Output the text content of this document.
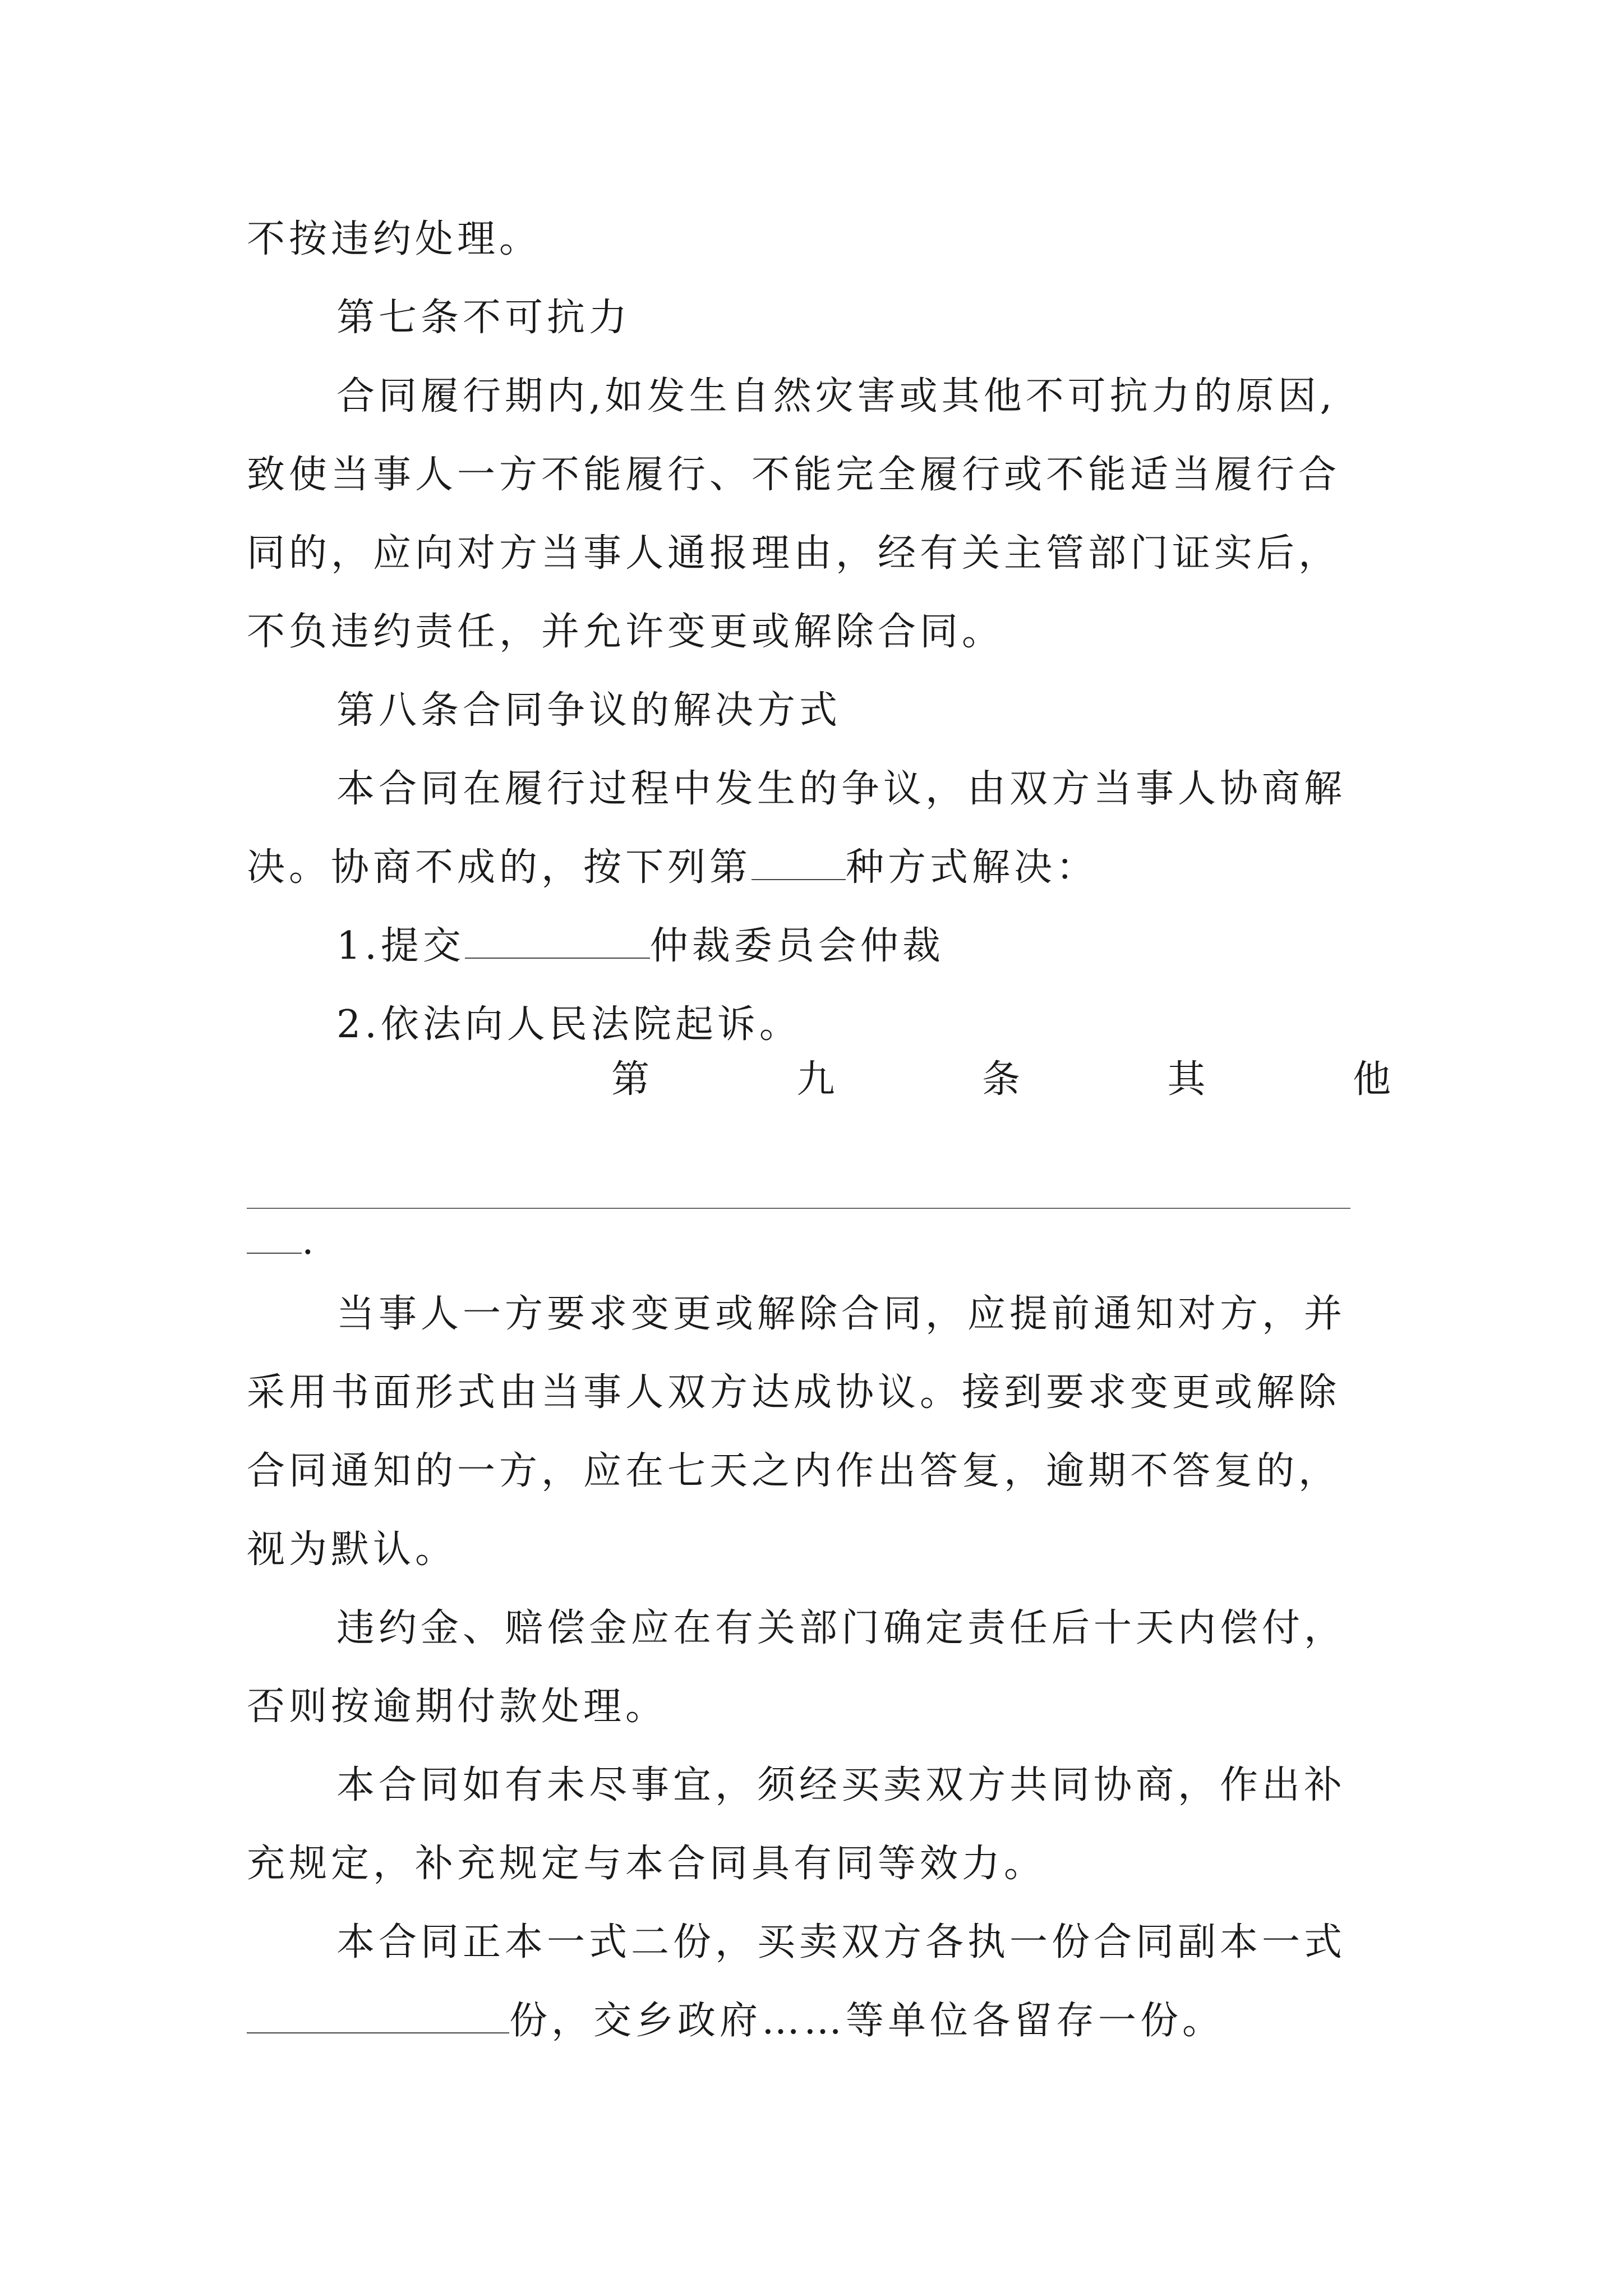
不按违约处理。
第七条不可抗力
合同履行期内,如发生自然灾害或其他不可抗力的原因,
致使当事人一方不能履行、不能完全履行或不能适当履行合
同的，应向对方当事人通报理由，经有关主管部门证实后，
不负违约责任，并允许变更或解除合同。
第八条合同争议的解决方式
本合同在履行过程中发生的争议，由双方当事人协商解
决。协商不成的，按下列第 种方式解决：
1.提交	仲裁委员会仲裁
2.依法向人民法院起诉。
第	九	条	其	他
.
当事人一方要求变更或解除合同，应提前通知对方，并
采用书面形式由当事人双方达成协议。接到要求变更或解除
合同通知的一方，应在七天之内作出答复，逾期不答复的，
视为默认。
违约金、赔偿金应在有关部门确定责任后十天内偿付，
否则按逾期付款处理。
本合同如有未尽事宜，须经买卖双方共同协商，作出补
充规定，补充规定与本合同具有同等效力。
本合同正本一式二份，买卖双方各执一份合同副本一式
份，交乡政府……等单位各留存一份。
